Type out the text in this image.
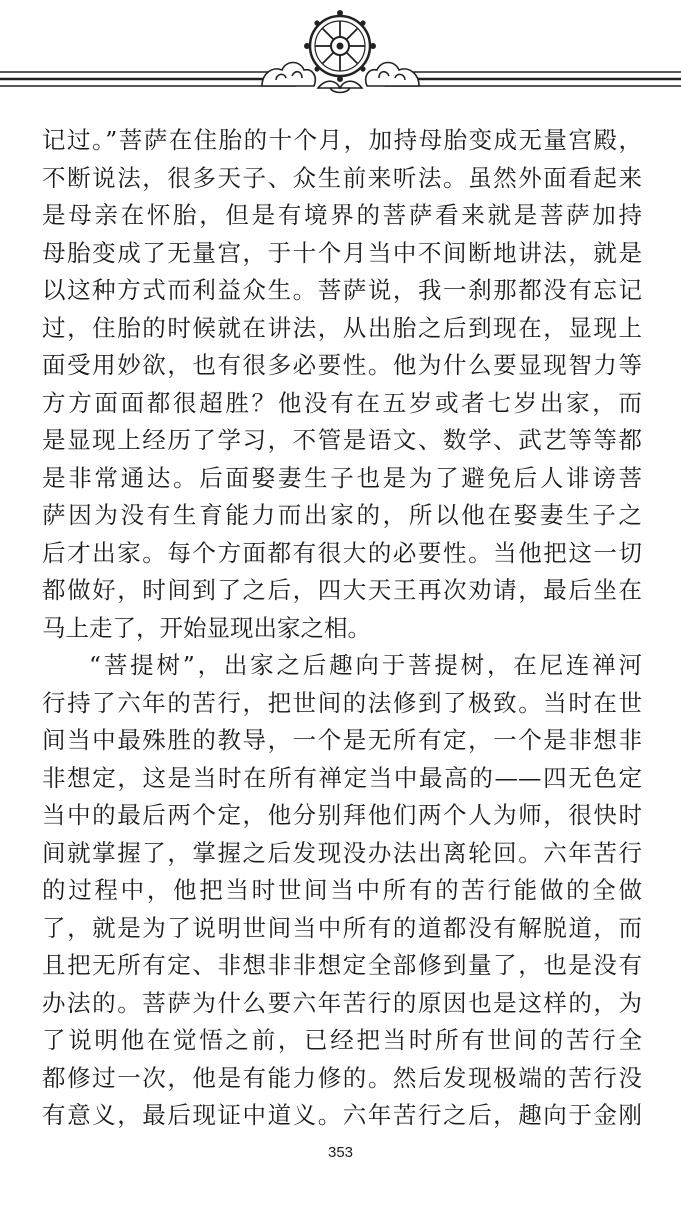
记过。”菩萨在住胎的十个月，加持母胎变成无量宫殿，
不断说法，很多天子、众生前来听法。虽然外面看起来
是母亲在怀胎，但是有境界的菩萨看来就是菩萨加持
母胎变成了无量宫，于十个月当中不间断地讲法，就是
以这种方式而利益众生。菩萨说，我一刹那都没有忘记
过，住胎的时候就在讲法，从出胎之后到现在，显现上
面受用妙欲，也有很多必要性。他为什么要显现智力等
方方面面都很超胜？他没有在五岁或者七岁出家，而
是显现上经历了学习，不管是语文、数学、武艺等等都
是非常通达。后面娶妻生子也是为了避免后人诽谤菩
萨因为没有生育能力而出家的，所以他在娶妻生子之
后才出家。每个方面都有很大的必要性。当他把这一切
都做好，时间到了之后，四大天王再次劝请，最后坐在
马上走了，开始显现出家之相。
“菩提树”，出家之后趣向于菩提树，在尼连禅河
行持了六年的苦行，把世间的法修到了极致。当时在世
间当中最殊胜的教导，一个是无所有定，一个是非想非
非想定，这是当时在所有禅定当中最高的——四无色定
当中的最后两个定，他分别拜他们两个人为师，很快时
间就掌握了，掌握之后发现没办法出离轮回。六年苦行
的过程中，他把当时世间当中所有的苦行能做的全做
了，就是为了说明世间当中所有的道都没有解脱道，而
且把无所有定、非想非非想定全部修到量了，也是没有
办法的。菩萨为什么要六年苦行的原因也是这样的，为
了说明他在觉悟之前，已经把当时所有世间的苦行全
都修过一次，他是有能力修的。然后发现极端的苦行没
有意义，最后现证中道义。六年苦行之后，趣向于金刚
353
